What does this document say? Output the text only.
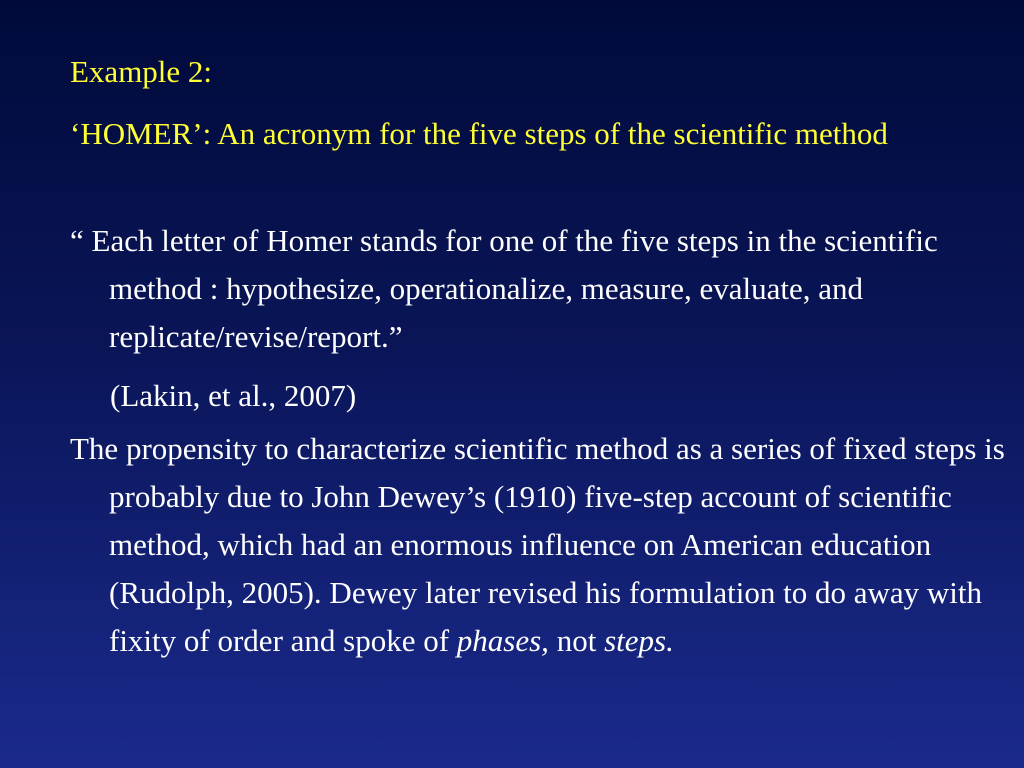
Example 2:

‘HOMER’: An acronym for the five steps of the scientific method

“ Each letter of Homer stands for one of the five steps in the scientific method : hypothesize, operationalize, measure, evaluate, and replicate/revise/report.”

(Lakin, et al., 2007)

The propensity to characterize scientific method as a series of fixed steps is probably due to John Dewey’s (1910) five-step account of scientific method, which had an enormous influence on American education (Rudolph, 2005). Dewey later revised his formulation to do away with fixity of order and spoke of phases, not steps.
